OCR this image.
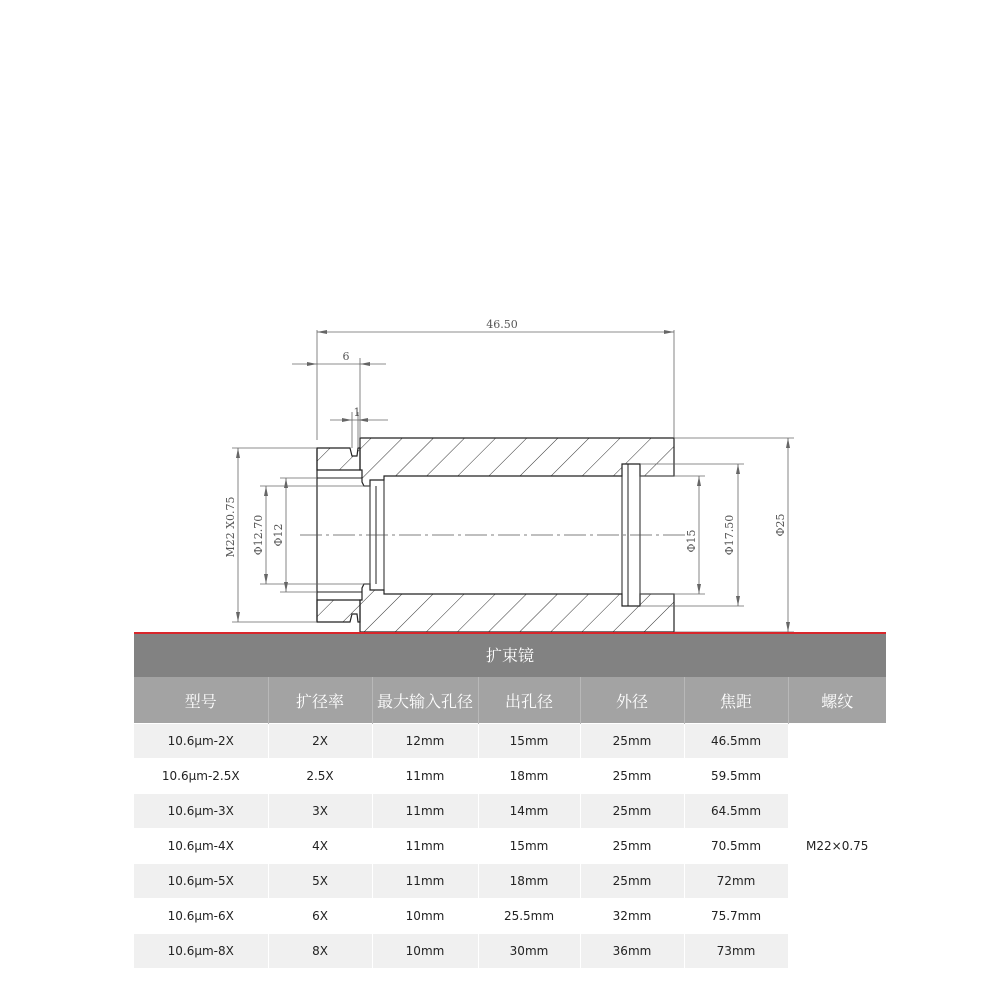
46.50
6
1
M22 X0.75 Φ12.70 Φ12	Φ15 Φ17.50	Φ25
扩束镜
型号	扩径率	最大输入孔径	出孔径	外径	焦距	螺纹
10.6μm-2X	2X	12mm	15mm	25mm	46.5mm	M22×0.75
10.6μm-2.5X	2.5X	11mm	18mm	25mm	59.5mm	
10.6μm-3X	3X	11mm	14mm	25mm	64.5mm	
10.6μm-4X	4X	11mm	15mm	25mm	70.5mm	
10.6μm-5X	5X	11mm	18mm	25mm	72mm	
10.6μm-6X	6X	10mm	25.5mm	32mm	75.7mm	
10.6μm-8X	8X	10mm	30mm	36mm	73mm	
